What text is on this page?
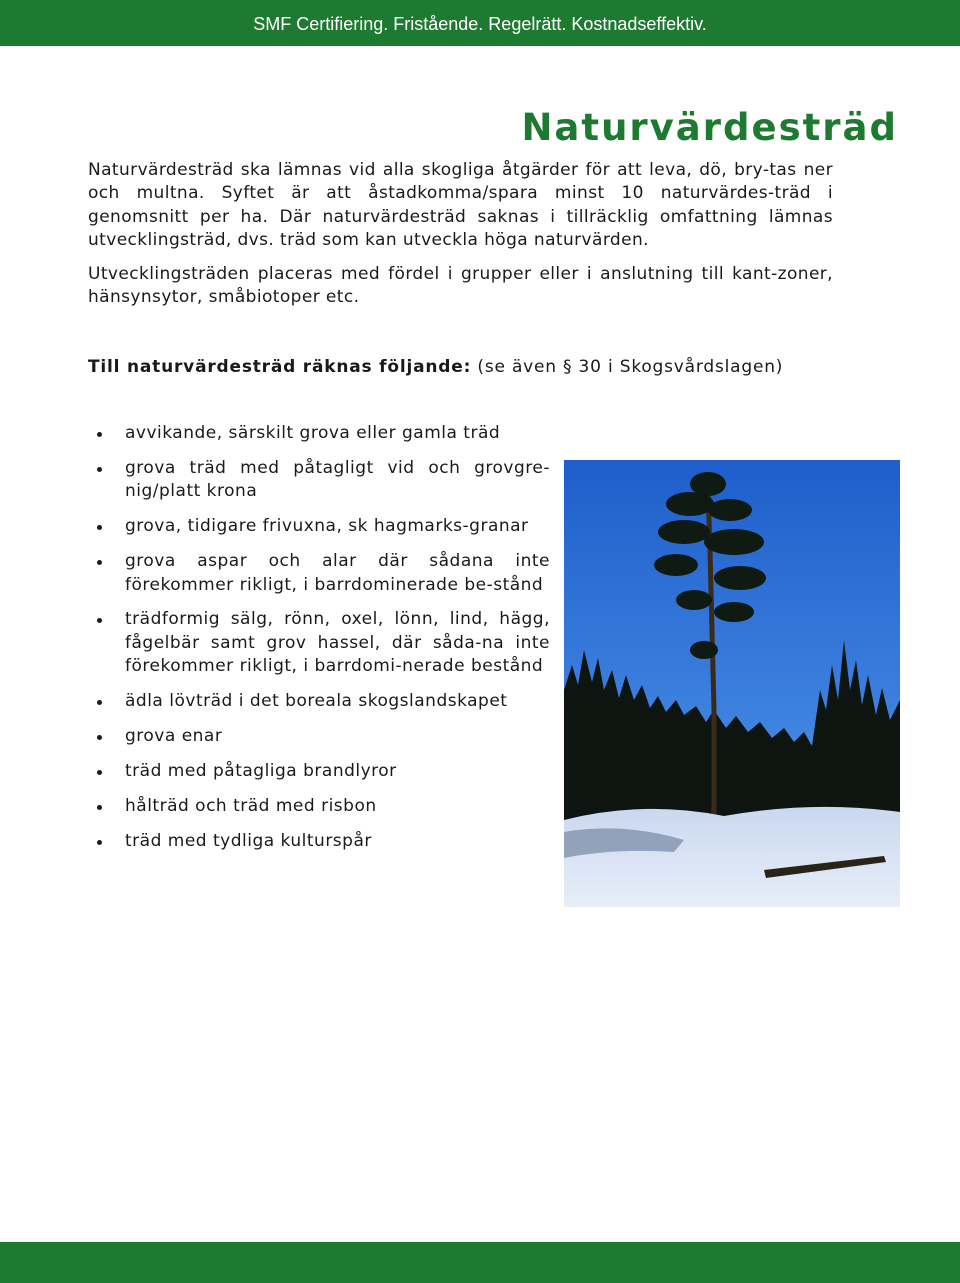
SMF Certifiering. Fristående. Regelrätt. Kostnadseffektiv.
Naturvärdesträd

Naturvärdesträd ska lämnas vid alla skogliga åtgärder för att leva, dö, bry-tas ner och multna. Syftet är att åstadkomma/spara minst 10 naturvärdes-träd i genomsnitt per ha. Där naturvärdesträd saknas i tillräcklig omfattning lämnas utvecklingsträd, dvs. träd som kan utveckla höga naturvärden.

Utvecklingsträden placeras med fördel i grupper eller i anslutning till kant-zoner, hänsynsytor, småbiotoper etc.

Till naturvärdesträd räknas följande: (se även § 30 i Skogsvårdslagen)
avvikande, särskilt grova eller gamla träd
grova träd med påtagligt vid och grovgre-nig/platt krona
grova, tidigare frivuxna, sk hagmarks-granar
grova aspar och alar där sådana inte förekommer rikligt, i barrdominerade be-stånd
trädformig sälg, rönn, oxel, lönn, lind, hägg, fågelbär samt grov hassel, där såda-na inte förekommer rikligt, i barrdomi-nerade bestånd
ädla lövträd i det boreala skogslandskapet
grova enar
träd med påtagliga brandlyror
hålträd och träd med risbon
träd med tydliga kulturspår
